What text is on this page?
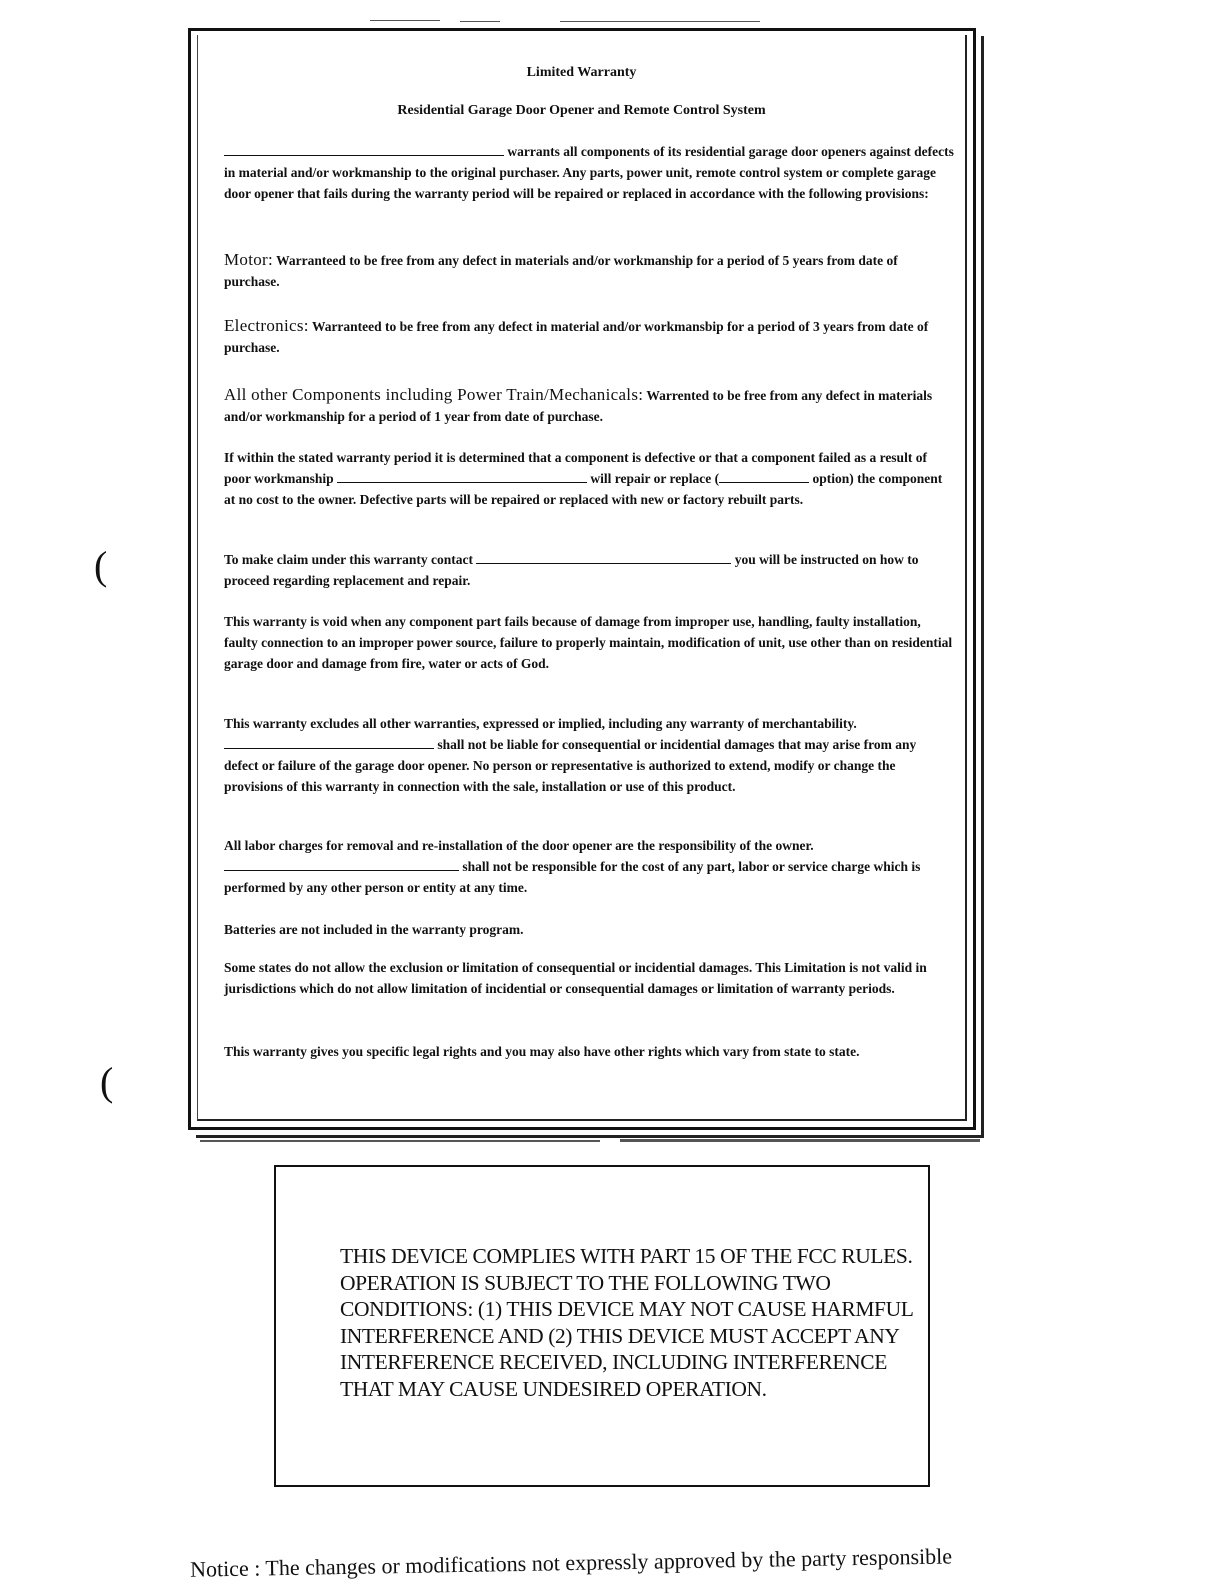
Limited Warranty
Residential Garage Door Opener and Remote Control System
warrants all components of its residential garage door openers against defects in material and/or workmanship to the original purchaser. Any parts, power unit, remote control system or complete garage door opener that fails during the warranty period will be repaired or replaced in accordance with the following provisions:
Motor: Warranteed to be free from any defect in materials and/or workmanship for a period of 5 years from date of purchase.
Electronics: Warranteed to be free from any defect in material and/or workmansbip for a period of 3 years from date of purchase.
All other Components including Power Train/Mechanicals: Warrented to be free from any defect in materials and/or workmanship for a period of 1 year from date of purchase.
If within the stated warranty period it is determined that a component is defective or that a component failed as a result of poor workmanship	will repair or replace (	option) the component at no cost to the owner. Defective parts will be repaired or replaced with new or factory rebuilt parts.
To make claim under this warranty contact	you will be instructed on how to proceed regarding replacement and repair.
This warranty is void when any component part fails because of damage from improper use, handling, faulty installation, faulty connection to an improper power source, failure to properly maintain, modification of unit, use other than on residential garage door and damage from fire, water or acts of God.
This warranty excludes all other warranties, expressed or implied, including any warranty of merchantability.  shall not be liable for consequential or incidential damages that may arise from any defect or failure of the garage door opener. No person or representative is authorized to extend, modify or change the provisions of this warranty in connection with the sale, installation or use of this product.
All labor charges for removal and re-installation of the door opener are the responsibility of the owner.  shall not be responsible for the cost of any part, labor or service charge which is performed by any other person or entity at any time.
Batteries are not included in the warranty program.
Some states do not allow the exclusion or limitation of consequential or incidential damages. This Limitation is not valid in jurisdictions which do not allow limitation of incidential or consequential damages or limitation of warranty periods.
This warranty gives you specific legal rights and you may also have other rights which vary from state to state.
(
(
THIS DEVICE COMPLIES WITH PART 15 OF THE FCC RULES. OPERATION IS SUBJECT TO THE FOLLOWING TWO CONDITIONS: (1) THIS DEVICE MAY NOT CAUSE HARMFUL INTERFERENCE AND (2) THIS DEVICE MUST ACCEPT ANY INTERFERENCE RECEIVED, INCLUDING INTERFERENCE THAT MAY CAUSE UNDESIRED OPERATION.
Notice : The changes or modifications not expressly approved by the party responsible
